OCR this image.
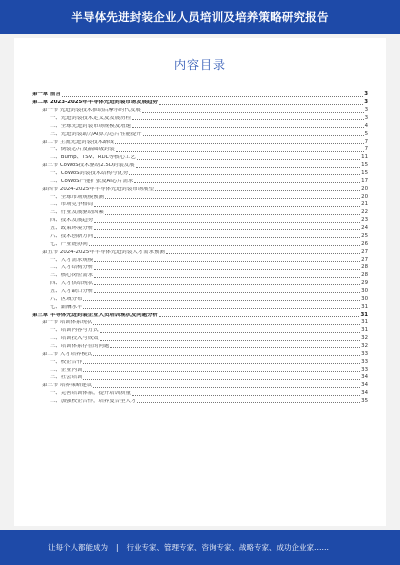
半导体先进封装企业人员培训及培养策略研究报告
内容目录
第一章 前言	3
第二章 2023-2025年半导体先进封装市场发展趋势	3
第一节 先进封装技术推动后摩尔时代发展	3
一、先进封装技术定义及发展历程	3
二、全球先进封装市场规模及增速	4
三、先进封装助力AI算力芯片性能提升	5
第二节 主流先进封装技术路线	7
一、倒装芯片及晶圆级封装	7
二、Bump、TSV、RDL等核心工艺	11
第三节 CoWoS技术驱动2.5D封装发展	15
一、CoWoS封装技术结构与优势	15
二、CoWoS产能扩张及AI芯片需求	17
第四节 2024-2025年半导体先进封装市场展望	20
一、全球市场规模预测	20
二、市场竞争格局	21
三、行业发展驱动因素	22
四、技术发展趋势	23
五、政策环境分析	24
六、技术创新方向	25
七、产业链协同	26
第五节 2024-2025年半导体先进封装人才需求预测	27
一、人才需求规模	27
二、人才结构分析	28
三、核心岗位需求	28
四、人才供给现状	29
五、人才缺口分析	30
六、区域分布	30
七、薪酬水平	31
第三章 半导体先进封装企业人员培训现状及问题分析	31
第一节 培训体系现状	31
一、培训内容与方式	31
二、培训投入与成效	32
三、培训体系存在的问题	32
第二节 人才培养模式	33
一、校企合作	33
二、企业内训	33
三、社会培训	34
第三节 培养策略建议	34
一、完善培训体系，提升培训质量	34
二、加强校企合作，培养复合型人才	35
让每个人都能成为 | 行业专家、管理专家、咨询专家、战略专家、成功企业家……
